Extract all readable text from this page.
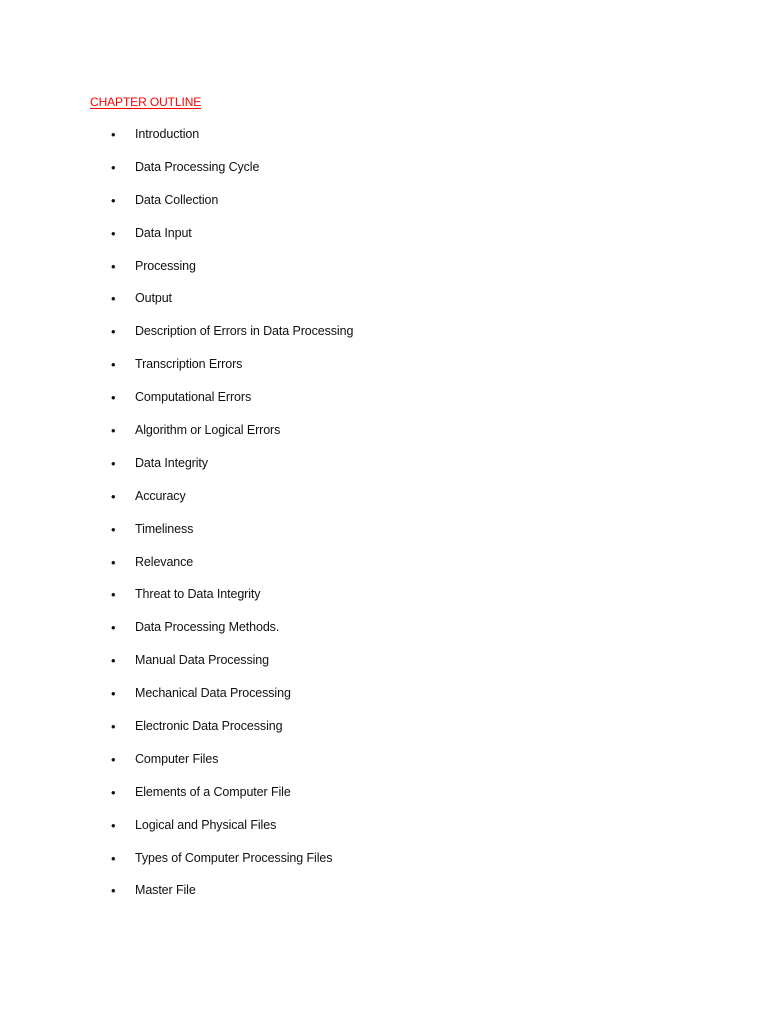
CHAPTER OUTLINE
• Introduction
• Data Processing Cycle
• Data Collection
• Data Input
• Processing
• Output
• Description of Errors in Data Processing
• Transcription Errors
• Computational Errors
• Algorithm or Logical Errors
• Data Integrity
• Accuracy
• Timeliness
• Relevance
• Threat to Data Integrity
• Data Processing Methods.
• Manual Data Processing
• Mechanical Data Processing
• Electronic Data Processing
• Computer Files
• Elements of a Computer File
• Logical and Physical Files
• Types of Computer Processing Files
• Master File
